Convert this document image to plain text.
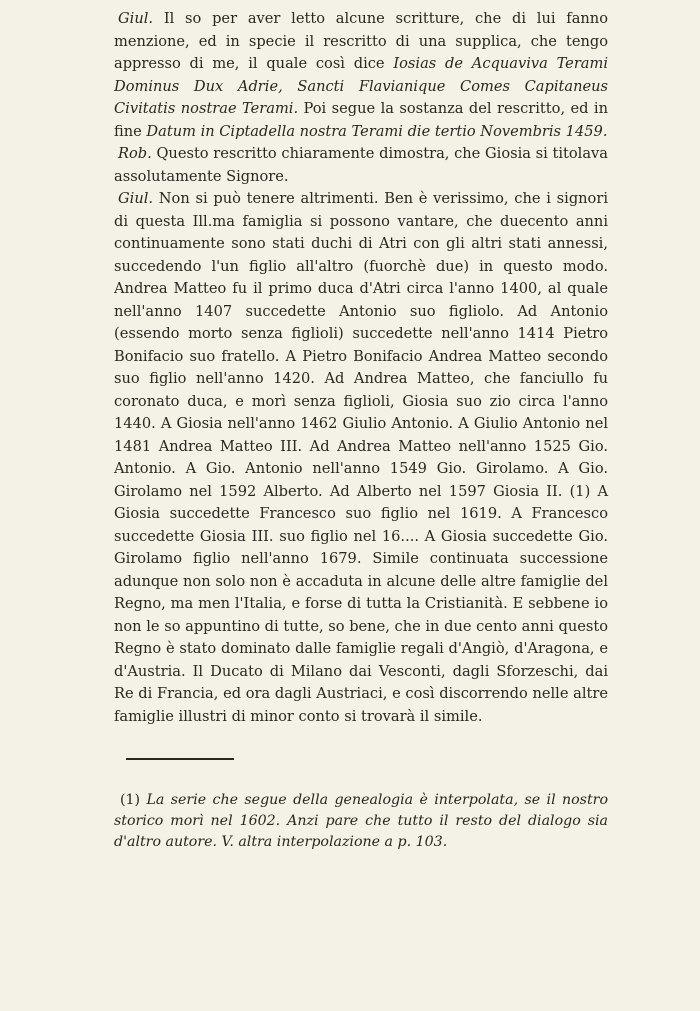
Giul. Il so per aver letto alcune scritture, che di lui fanno menzione, ed in specie il rescritto di una supplica, che tengo appresso di me, il quale così dice Iosias de Acquaviva Terami Dominus Dux Adrie, Sancti Flavianique Comes Capitaneus Civitatis nostrae Terami. Poi segue la sostanza del rescritto, ed in fine Datum in Ciptadella nostra Terami die tertio Novembris 1459.

Rob. Questo rescritto chiaramente dimostra, che Giosia si titolava assolutamente Signore.

Giul. Non si può tenere altrimenti. Ben è verissimo, che i signori di questa Ill.ma famiglia si possono vantare, che duecento anni continuamente sono stati duchi di Atri con gli altri stati annessi, succedendo l'un figlio all'altro (fuorchè due) in questo modo. Andrea Matteo fu il primo duca d'Atri circa l'anno 1400, al quale nell'anno 1407 succedette Antonio suo figliolo. Ad Antonio (essendo morto senza figlioli) succedette nell'anno 1414 Pietro Bonifacio suo fratello. A Pietro Bonifacio Andrea Matteo secondo suo figlio nell'anno 1420. Ad Andrea Matteo, che fanciullo fu coronato duca, e morì senza figlioli, Giosia suo zio circa l'anno 1440. A Giosia nell'anno 1462 Giulio Antonio. A Giulio Antonio nel 1481 Andrea Matteo III. Ad Andrea Matteo nell'anno 1525 Gio. Antonio. A Gio. Antonio nell'anno 1549 Gio. Girolamo. A Gio. Girolamo nel 1592 Alberto. Ad Alberto nel 1597 Giosia II. (1) A Giosia succedette Francesco suo figlio nel 1619. A Francesco succedette Giosia III. suo figlio nel 16.... A Giosia succedette Gio. Girolamo figlio nell'anno 1679. Simile continuata successione adunque non solo non è accaduta in alcune delle altre famiglie del Regno, ma men l'Italia, e forse di tutta la Cristianità. E sebbene io non le so appuntino di tutte, so bene, che in due cento anni questo Regno è stato dominato dalle famiglie regali d'Angiò, d'Aragona, e d'Austria. Il Ducato di Milano dai Vesconti, dagli Sforzeschi, dai Re di Francia, ed ora dagli Austriaci, e così discorrendo nelle altre famiglie illustri di minor conto si trovarà il simile.

(1) La serie che segue della genealogia è interpolata, se il nostro storico morì nel 1602. Anzi pare che tutto il resto del dialogo sia d'altro autore. V. altra interpolazione a p. 103.
